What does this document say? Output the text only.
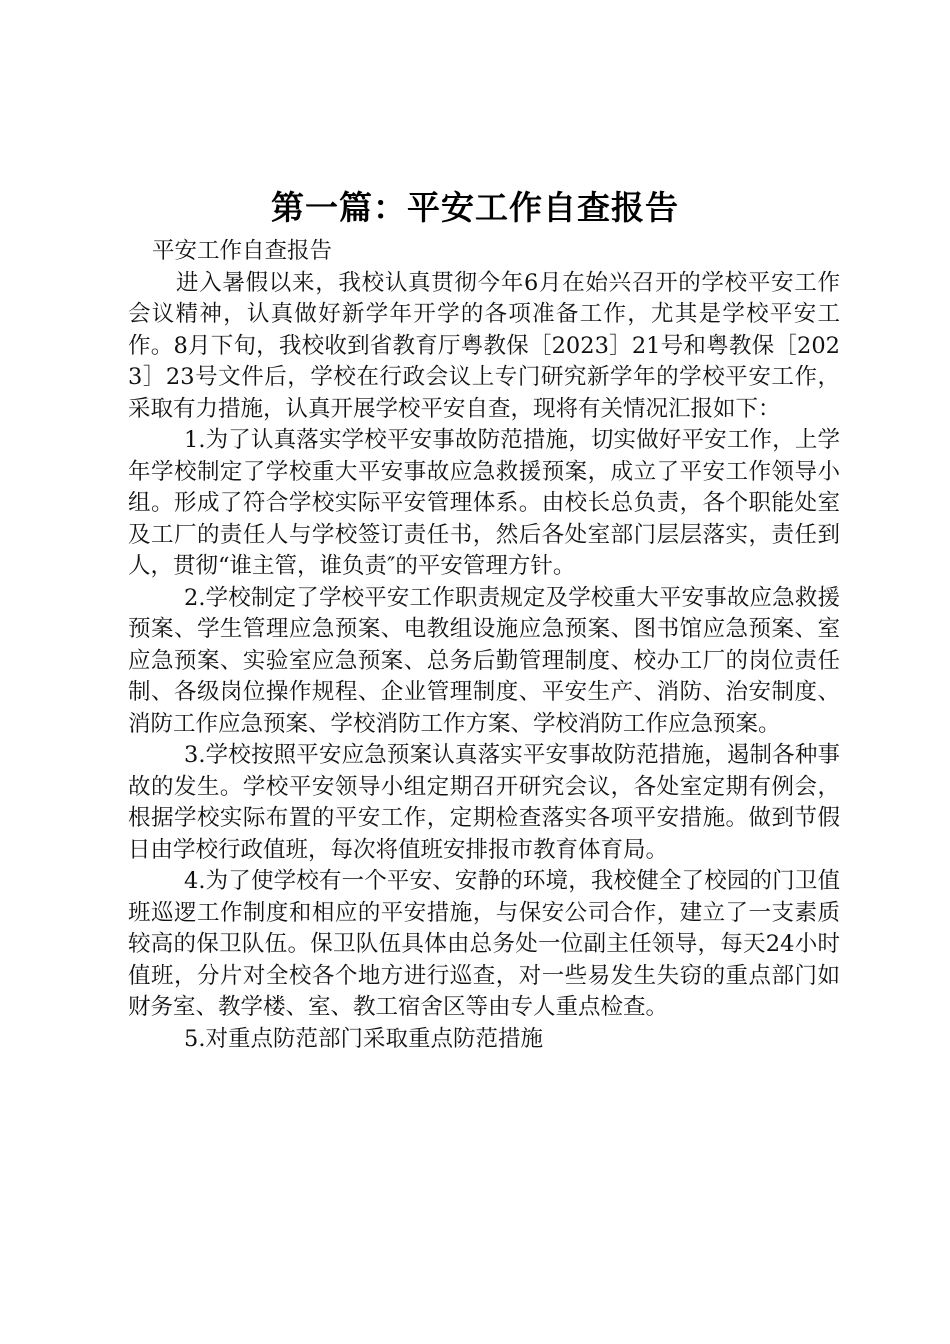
第一篇：平安工作自查报告

平安工作自查报告

进入暑假以来，我校认真贯彻今年6月在始兴召开的学校平安工作会议精神，认真做好新学年开学的各项准备工作，尤其是学校平安工作。8月下旬，我校收到省教育厅粤教保［2023］21号和粤教保［2023］23号文件后，学校在行政会议上专门研究新学年的学校平安工作，采取有力措施，认真开展学校平安自查，现将有关情况汇报如下：

1.为了认真落实学校平安事故防范措施，切实做好平安工作，上学年学校制定了学校重大平安事故应急救援预案，成立了平安工作领导小组。形成了符合学校实际平安管理体系。由校长总负责，各个职能处室及工厂的责任人与学校签订责任书，然后各处室部门层层落实，责任到人，贯彻“谁主管，谁负责″的平安管理方针。

2.学校制定了学校平安工作职责规定及学校重大平安事故应急救援预案、学生管理应急预案、电教组设施应急预案、图书馆应急预案、室应急预案、实验室应急预案、总务后勤管理制度、校办工厂的岗位责任制、各级岗位操作规程、企业管理制度、平安生产、消防、治安制度、消防工作应急预案、学校消防工作方案、学校消防工作应急预案。

3.学校按照平安应急预案认真落实平安事故防范措施，遏制各种事故的发生。学校平安领导小组定期召开研究会议，各处室定期有例会，根据学校实际布置的平安工作，定期检查落实各项平安措施。做到节假日由学校行政值班，每次将值班安排报市教育体育局。

4.为了使学校有一个平安、安静的环境，我校健全了校园的门卫值班巡逻工作制度和相应的平安措施，与保安公司合作，建立了一支素质较高的保卫队伍。保卫队伍具体由总务处一位副主任领导，每天24小时值班，分片对全校各个地方进行巡查，对一些易发生失窃的重点部门如财务室、教学楼、室、教工宿舍区等由专人重点检查。

5.对重点防范部门采取重点防范措施
